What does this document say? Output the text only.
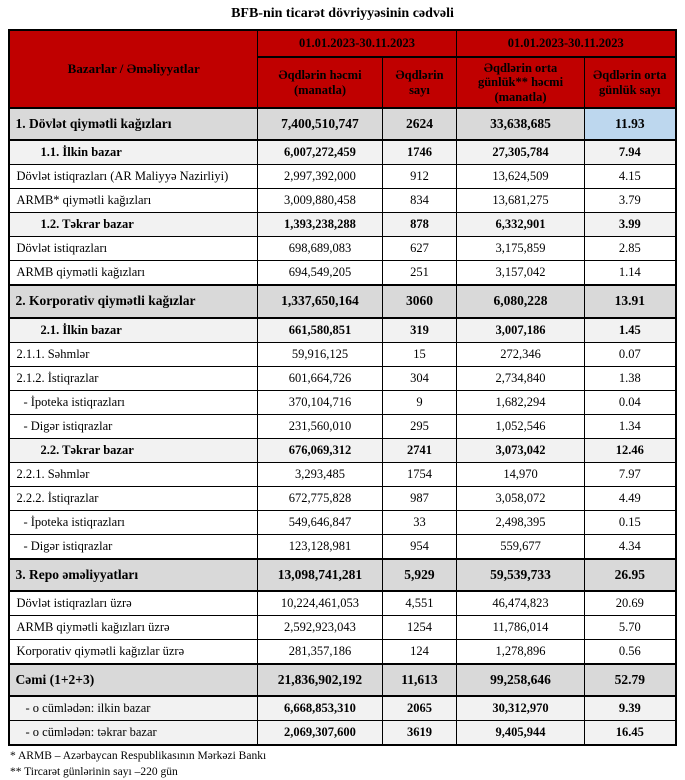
BFB-nin ticarət dövriyyəsinin cədvəli
Bazarlar / Əməliyyatlar	01.01.2023-30.11.2023		01.01.2023-30.11.2023	
	Əqdlərin həcmi (manatla)	Əqdlərin sayı	Əqdlərin orta günlük** həcmi (manatla)	Əqdlərin orta günlük sayı
1. Dövlət qiymətli kağızları	7,400,510,747	2624	33,638,685	11.93
1.1. İlkin bazar	6,007,272,459	1746	27,305,784	7.94
Dövlət istiqrazları (AR Maliyyə Nazirliyi)	2,997,392,000	912	13,624,509	4.15
ARMB* qiymətli kağızları	3,009,880,458	834	13,681,275	3.79
1.2. Təkrar bazar	1,393,238,288	878	6,332,901	3.99
Dövlət istiqrazları	698,689,083	627	3,175,859	2.85
ARMB qiymətli kağızları	694,549,205	251	3,157,042	1.14
2. Korporativ qiymətli kağızlar	1,337,650,164	3060	6,080,228	13.91
2.1. İlkin bazar	661,580,851	319	3,007,186	1.45
2.1.1. Səhmlər	59,916,125	15	272,346	0.07
2.1.2. İstiqrazlar	601,664,726	304	2,734,840	1.38
- İpoteka istiqrazları	370,104,716	9	1,682,294	0.04
- Digər istiqrazlar	231,560,010	295	1,052,546	1.34
2.2. Təkrar bazar	676,069,312	2741	3,073,042	12.46
2.2.1. Səhmlər	3,293,485	1754	14,970	7.97
2.2.2. İstiqrazlar	672,775,828	987	3,058,072	4.49
- İpoteka istiqrazları	549,646,847	33	2,498,395	0.15
- Digər istiqrazlar	123,128,981	954	559,677	4.34
3. Repo əməliyyatları	13,098,741,281	5,929	59,539,733	26.95
Dövlət istiqrazları üzrə	10,224,461,053	4,551	46,474,823	20.69
ARMB qiymətli kağızları üzrə	2,592,923,043	1254	11,786,014	5.70
Korporativ qiymətli kağızlar üzrə	281,357,186	124	1,278,896	0.56
Cəmi (1+2+3)	21,836,902,192	11,613	99,258,646	52.79
- o cümlədən: ilkin bazar	6,668,853,310	2065	30,312,970	9.39
- o cümlədən: təkrar bazar	2,069,307,600	3619	9,405,944	16.45
* ARMB – Azərbaycan Respublikasının Mərkəzi Bankı
** Tircarət günlərinin sayı –220 gün
